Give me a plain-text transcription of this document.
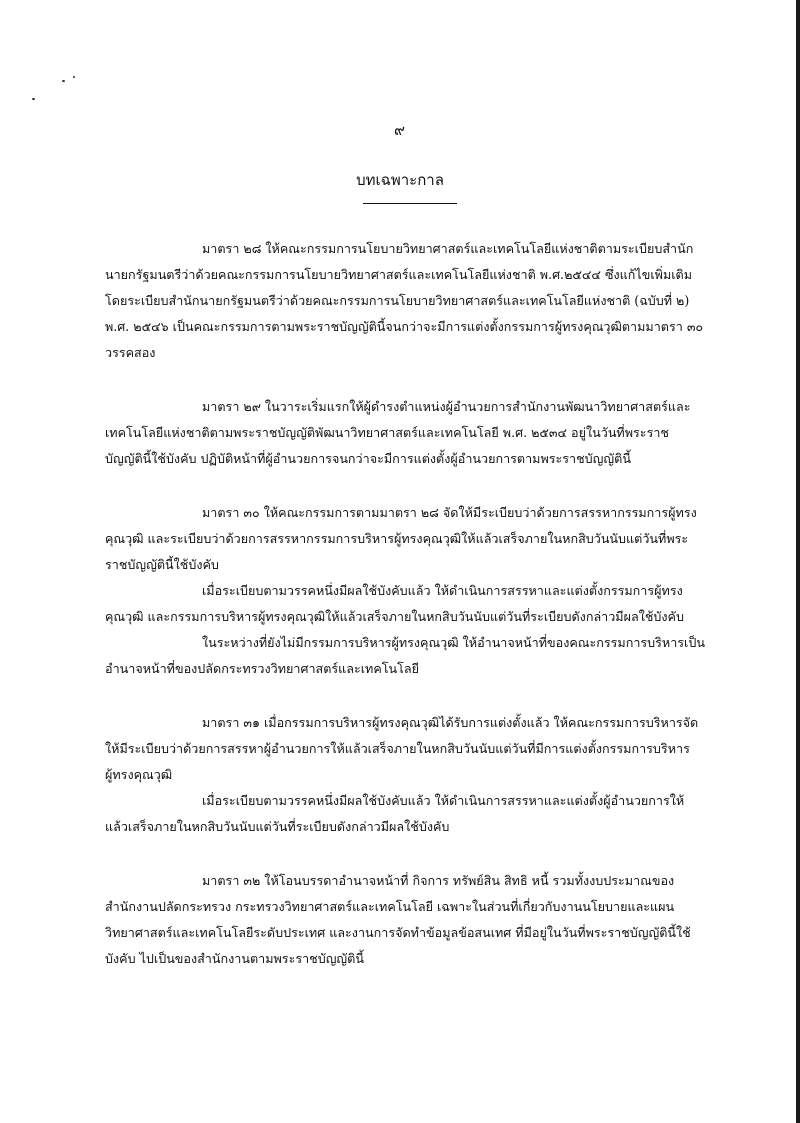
๙
บทเฉพาะกาล

มาตรา ๒๘ ให้คณะกรรมการนโยบายวิทยาศาสตร์และเทคโนโลยีแห่งชาติตามระเบียบสำนักนายกรัฐมนตรีว่าด้วยคณะกรรมการนโยบายวิทยาศาสตร์และเทคโนโลยีแห่งชาติ พ.ศ.๒๕๔๔ ซึ่งแก้ไขเพิ่มเติมโดยระเบียบสำนักนายกรัฐมนตรีว่าด้วยคณะกรรมการนโยบายวิทยาศาสตร์และเทคโนโลยีแห่งชาติ (ฉบับที่ ๒) พ.ศ. ๒๕๔๖ เป็นคณะกรรมการตามพระราชบัญญัตินี้จนกว่าจะมีการแต่งตั้งกรรมการผู้ทรงคุณวุฒิตามมาตรา ๓๐ วรรคสอง

มาตรา ๒๙ ในวาระเริ่มแรกให้ผู้ดำรงตำแหน่งผู้อำนวยการสำนักงานพัฒนาวิทยาศาสตร์และเทคโนโลยีแห่งชาติตามพระราชบัญญัติพัฒนาวิทยาศาสตร์และเทคโนโลยี พ.ศ. ๒๕๓๔ อยู่ในวันที่พระราชบัญญัตินี้ใช้บังคับ ปฏิบัติหน้าที่ผู้อำนวยการจนกว่าจะมีการแต่งตั้งผู้อำนวยการตามพระราชบัญญัตินี้

มาตรา ๓๐ ให้คณะกรรมการตามมาตรา ๒๘ จัดให้มีระเบียบว่าด้วยการสรรหากรรมการผู้ทรงคุณวุฒิ และระเบียบว่าด้วยการสรรหากรรมการบริหารผู้ทรงคุณวุฒิให้แล้วเสร็จภายในหกสิบวันนับแต่วันที่พระราชบัญญัตินี้ใช้บังคับ

เมื่อระเบียบตามวรรคหนึ่งมีผลใช้บังคับแล้ว ให้ดำเนินการสรรหาและแต่งตั้งกรรมการผู้ทรงคุณวุฒิ และกรรมการบริหารผู้ทรงคุณวุฒิให้แล้วเสร็จภายในหกสิบวันนับแต่วันที่ระเบียบดังกล่าวมีผลใช้บังคับ

ในระหว่างที่ยังไม่มีกรรมการบริหารผู้ทรงคุณวุฒิ ให้อำนาจหน้าที่ของคณะกรรมการบริหารเป็นอำนาจหน้าที่ของปลัดกระทรวงวิทยาศาสตร์และเทคโนโลยี

มาตรา ๓๑ เมื่อกรรมการบริหารผู้ทรงคุณวุฒิได้รับการแต่งตั้งแล้ว ให้คณะกรรมการบริหารจัดให้มีระเบียบว่าด้วยการสรรหาผู้อำนวยการให้แล้วเสร็จภายในหกสิบวันนับแต่วันที่มีการแต่งตั้งกรรมการบริหารผู้ทรงคุณวุฒิ

เมื่อระเบียบตามวรรคหนึ่งมีผลใช้บังคับแล้ว ให้ดำเนินการสรรหาและแต่งตั้งผู้อำนวยการให้แล้วเสร็จภายในหกสิบวันนับแต่วันที่ระเบียบดังกล่าวมีผลใช้บังคับ

มาตรา ๓๒ ให้โอนบรรดาอำนาจหน้าที่ กิจการ ทรัพย์สิน สิทธิ หนี้ รวมทั้งงบประมาณของสำนักงานปลัดกระทรวง กระทรวงวิทยาศาสตร์และเทคโนโลยี เฉพาะในส่วนที่เกี่ยวกับงานนโยบายและแผนวิทยาศาสตร์และเทคโนโลยีระดับประเทศ และงานการจัดทำข้อมูลข้อสนเทศ ที่มีอยู่ในวันที่พระราชบัญญัตินี้ใช้บังคับ ไปเป็นของสำนักงานตามพระราชบัญญัตินี้
